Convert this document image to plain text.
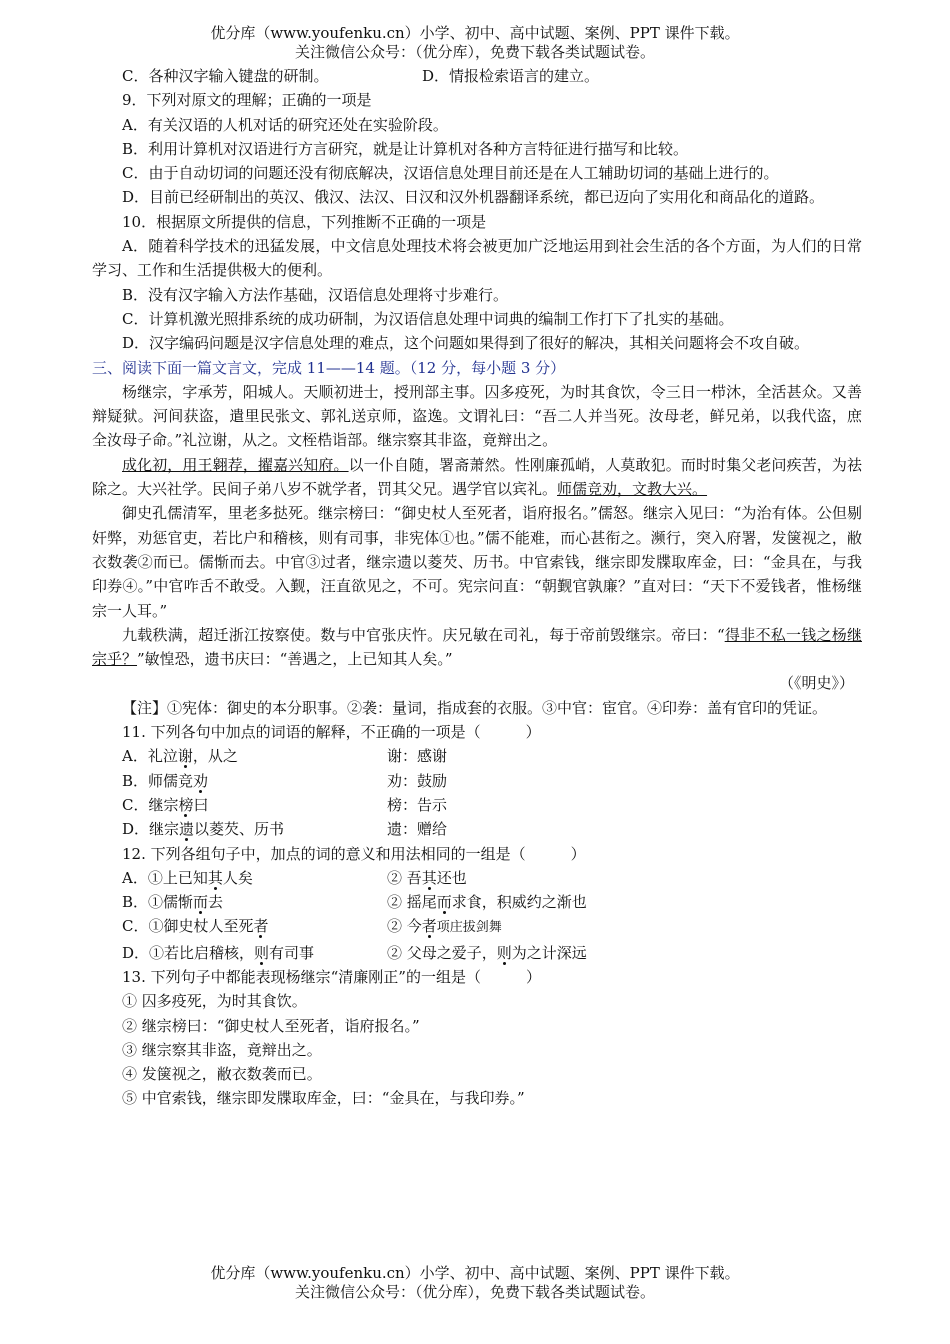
优分库（www.youfenku.cn）小学、初中、高中试题、案例、PPT 课件下载。
关注微信公众号：（优分库），免费下载各类试题试卷。

C．各种汉字输入键盘的研制。	D．情报检索语言的建立。

9．下列对原文的理解；正确的一项是

A．有关汉语的人机对话的研究还处在实验阶段。

B．利用计算机对汉语进行方言研究，就是让计算机对各种方言特征进行描写和比较。

C．由于自动切词的问题还没有彻底解决，汉语信息处理目前还是在人工辅助切词的基础上进行的。

D．目前已经研制出的英汉、俄汉、法汉、日汉和汉外机器翻译系统，都已迈向了实用化和商品化的道路。

10．根据原文所提供的信息，下列推断不正确的一项是

A．随着科学技术的迅猛发展，中文信息处理技术将会被更加广泛地运用到社会生活的各个方面，为人们的日常学习、工作和生活提供极大的便利。

B．没有汉字输入方法作基础，汉语信息处理将寸步难行。

C．计算机激光照排系统的成功研制，为汉语信息处理中词典的编制工作打下了扎实的基础。

D．汉字编码问题是汉字信息处理的难点，这个问题如果得到了很好的解决，其相关问题将会不攻自破。

三、阅读下面一篇文言文，完成 11——14 题。（12 分，每小题 3 分）

杨继宗，字承芳，阳城人。天顺初进士，授刑部主事。囚多疫死，为时其食饮，令三日一栉沐，全活甚众。又善辩疑狱。河间获盗，遣里民张文、郭礼送京师，盗逸。文谓礼曰：“吾二人并当死。汝母老，鲜兄弟，以我代盗，庶全汝母子命。”礼泣谢，从之。文桎梏诣部。继宗察其非盗，竟辩出之。

成化初，用王翱荐，擢嘉兴知府。以一仆自随，署斋萧然。性刚廉孤峭，人莫敢犯。而时时集父老问疾苦，为祛除之。大兴社学。民间子弟八岁不就学者，罚其父兄。遇学官以宾礼。师儒竞劝，文教大兴。

御史孔儒清军，里老多挞死。继宗榜曰：“御史杖人至死者，诣府报名。”儒怒。继宗入见曰：“为治有体。公但剔奸弊，劝惩官吏，若比户和稽核，则有司事，非宪体①也。”儒不能难，而心甚衔之。濒行，突入府署，发箧视之，敝衣数袭②而已。儒惭而去。中官③过者，继宗遗以菱芡、历书。中官索钱，继宗即发牒取库金，曰：“金具在，与我印券④。”中官咋舌不敢受。入觐，汪直欲见之，不可。宪宗问直：“朝觐官孰廉？”直对曰：“天下不爱钱者，惟杨继宗一人耳。”

九载秩满，超迁浙江按察使。数与中官张庆忤。庆兄敏在司礼，每于帝前毁继宗。帝曰：“得非不私一钱之杨继宗乎？”敏惶恐，遗书庆曰：“善遇之，上已知其人矣。”

（《明史》）

【注】①宪体：御史的本分职事。②袭：量词，指成套的衣服。③中官：宦官。④印券：盖有官印的凭证。

11. 下列各句中加点的词语的解释，不正确的一项是（　　　）

A．礼泣谢，从之	谢：感谢

B．师儒竞劝	劝：鼓励

C．继宗榜曰	榜：告示

D．继宗遗以菱芡、历书	遗：赠给

12. 下列各组句子中，加点的词的意义和用法相同的一组是（　　　）

A．①上已知其人矣	② 吾其还也

B．①儒惭而去	② 摇尾而求食，积威约之渐也

C．①御史杖人至死者	② 今者项庄拔剑舞

D．①若比启稽核，则有司事	② 父母之爱子，则为之计深远

13. 下列句子中都能表现杨继宗“清廉刚正”的一组是（　　　）

① 囚多疫死，为时其食饮。

② 继宗榜曰：“御史杖人至死者，诣府报名。”

③ 继宗察其非盗，竟辩出之。

④ 发箧视之，敝衣数袭而已。

⑤ 中官索钱，继宗即发牒取库金，曰：“金具在，与我印券。”

优分库（www.youfenku.cn）小学、初中、高中试题、案例、PPT 课件下载。
关注微信公众号：（优分库），免费下载各类试题试卷。
